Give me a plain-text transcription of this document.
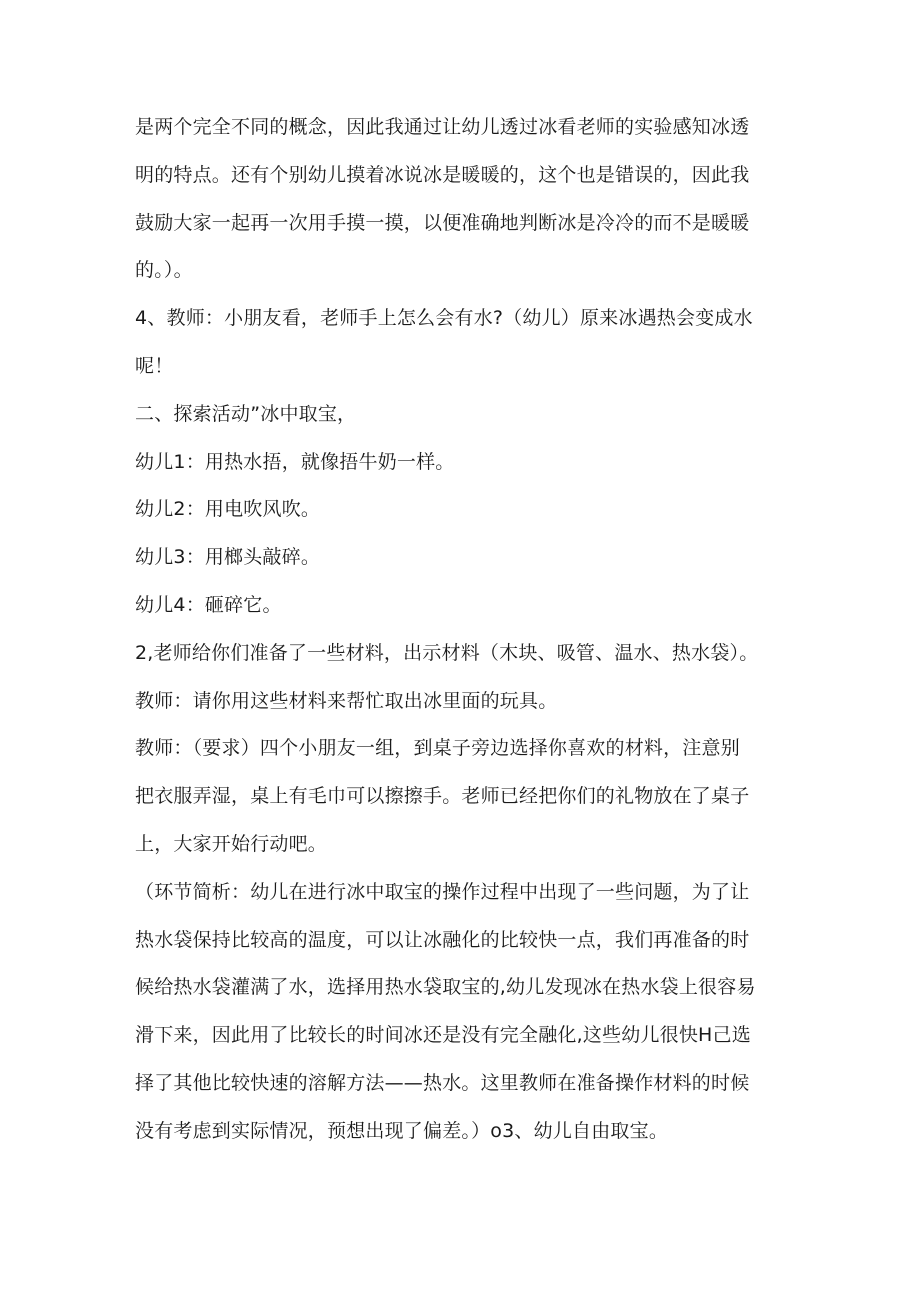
是两个完全不同的概念，因此我通过让幼儿透过冰看老师的实验感知冰透
明的特点。还有个别幼儿摸着冰说冰是暖暖的，这个也是错误的，因此我
鼓励大家一起再一次用手摸一摸，以便准确地判断冰是冷冷的而不是暖暖
的。）。
4、教师：小朋友看，老师手上怎么会有水?（幼儿）原来冰遇热会变成水
呢！
二、探索活动”冰中取宝，
幼儿1：用热水捂，就像捂牛奶一样。
幼儿2：用电吹风吹。
幼儿3：用榔头敲碎。
幼儿4：砸碎它。
2,老师给你们准备了一些材料，出示材料（木块、吸管、温水、热水袋）。
教师：请你用这些材料来帮忙取出冰里面的玩具。
教师：（要求）四个小朋友一组，到桌子旁边选择你喜欢的材料，注意别
把衣服弄湿，桌上有毛巾可以擦擦手。老师已经把你们的礼物放在了桌子
上，大家开始行动吧。
（环节简析：幼儿在进行冰中取宝的操作过程中出现了一些问题，为了让
热水袋保持比较高的温度，可以让冰融化的比较快一点，我们再准备的时
候给热水袋灌满了水，选择用热水袋取宝的,幼儿发现冰在热水袋上很容易
滑下来，因此用了比较长的时间冰还是没有完全融化,这些幼儿很快H己选
择了其他比较快速的溶解方法——热水。这里教师在准备操作材料的时候
没有考虑到实际情况，预想出现了偏差。）o3、幼儿自由取宝。
